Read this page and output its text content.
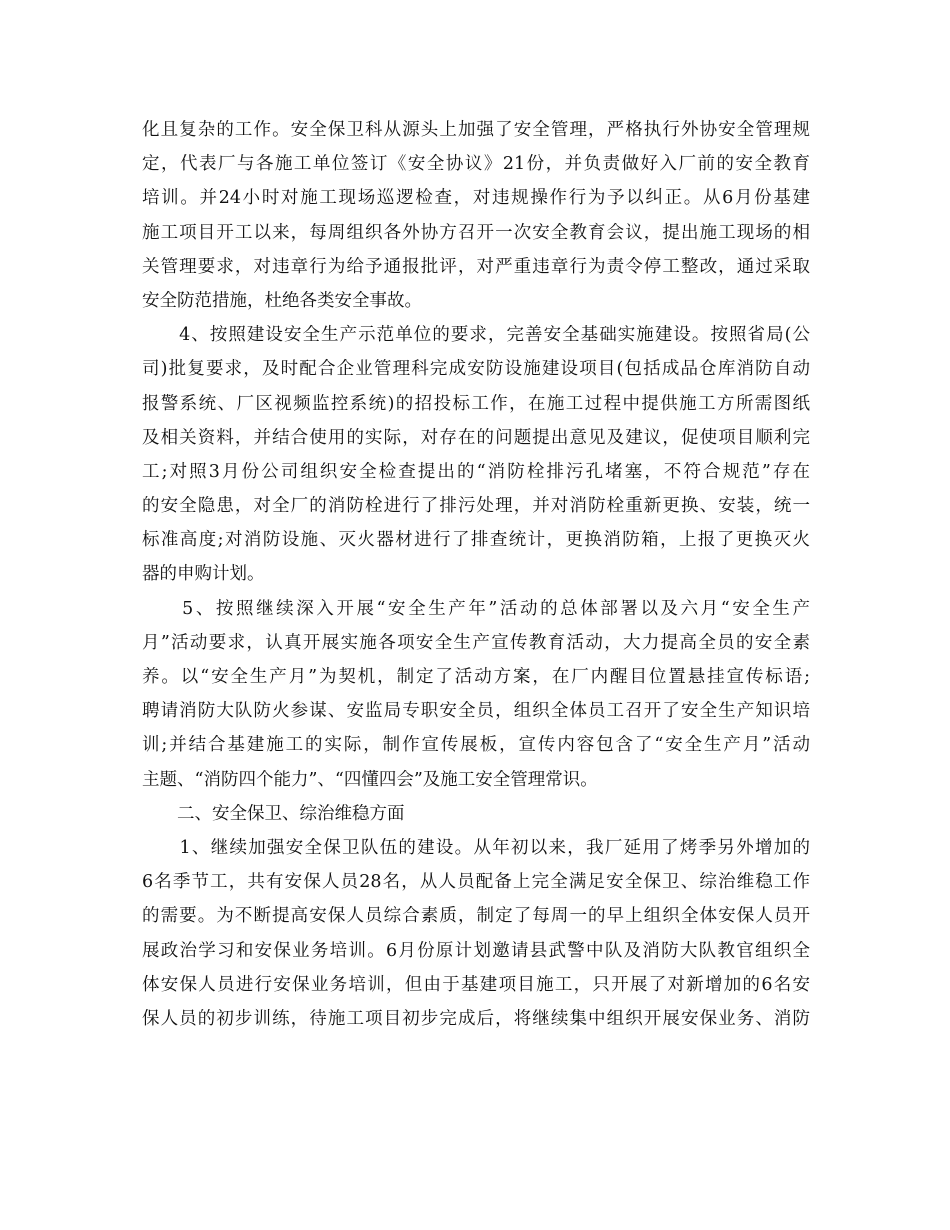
化且复杂的工作。安全保卫科从源头上加强了安全管理，严格执行外协安全管理规
定，代表厂与各施工单位签订《安全协议》21份，并负责做好入厂前的安全教育
培训。并24小时对施工现场巡逻检查，对违规操作行为予以纠正。从6月份基建
施工项目开工以来，每周组织各外协方召开一次安全教育会议，提出施工现场的相
关管理要求，对违章行为给予通报批评，对严重违章行为责令停工整改，通过采取
安全防范措施，杜绝各类安全事故。
　　4、按照建设安全生产示范单位的要求，完善安全基础实施建设。按照省局(公
司)批复要求，及时配合企业管理科完成安防设施建设项目(包括成品仓库消防自动
报警系统、厂区视频监控系统)的招投标工作，在施工过程中提供施工方所需图纸
及相关资料，并结合使用的实际，对存在的问题提出意见及建议，促使项目顺利完
工;对照3月份公司组织安全检查提出的“消防栓排污孔堵塞，不符合规范”存在
的安全隐患，对全厂的消防栓进行了排污处理，并对消防栓重新更换、安装，统一
标准高度;对消防设施、灭火器材进行了排查统计，更换消防箱，上报了更换灭火
器的申购计划。
　　5、按照继续深入开展“安全生产年”活动的总体部署以及六月“安全生产
月”活动要求，认真开展实施各项安全生产宣传教育活动，大力提高全员的安全素
养。以“安全生产月”为契机，制定了活动方案，在厂内醒目位置悬挂宣传标语;
聘请消防大队防火参谋、安监局专职安全员，组织全体员工召开了安全生产知识培
训;并结合基建施工的实际，制作宣传展板，宣传内容包含了“安全生产月”活动
主题、“消防四个能力”、“四懂四会”及施工安全管理常识。
　　二、安全保卫、综治维稳方面
　　1、继续加强安全保卫队伍的建设。从年初以来，我厂延用了烤季另外增加的
6名季节工，共有安保人员28名，从人员配备上完全满足安全保卫、综治维稳工作
的需要。为不断提高安保人员综合素质，制定了每周一的早上组织全体安保人员开
展政治学习和安保业务培训。6月份原计划邀请县武警中队及消防大队教官组织全
体安保人员进行安保业务培训，但由于基建项目施工，只开展了对新增加的6名安
保人员的初步训练，待施工项目初步完成后，将继续集中组织开展安保业务、消防
